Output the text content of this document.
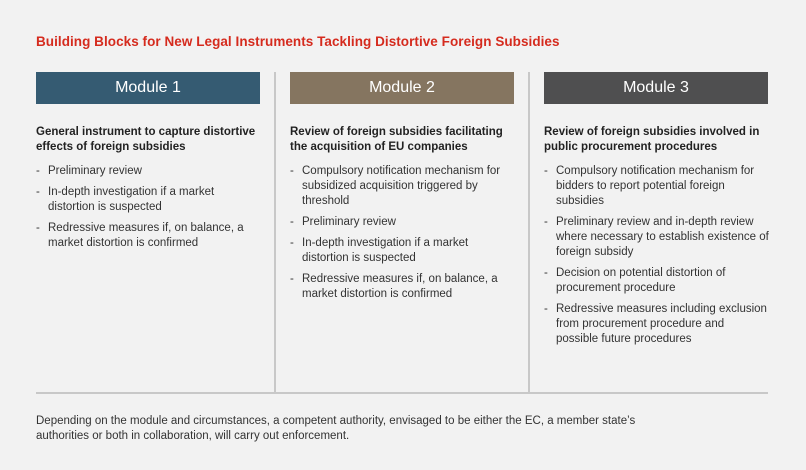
Building Blocks for New Legal Instruments Tackling Distortive Foreign Subsidies
Module 1	Module 2	Module 3
General instrument to capture distortive effects of foreign subsidies
- Preliminary review
- In-depth investigation if a market distortion is suspected
- Redressive measures if, on balance, a market distortion is confirmed
Review of foreign subsidies facilitating the acquisition of EU companies
- Compulsory notification mechanism for subsidized acquisition triggered by threshold
- Preliminary review
- In-depth investigation if a market distortion is suspected
- Redressive measures if, on balance, a market distortion is confirmed
Review of foreign subsidies involved in public procurement procedures
- Compulsory notification mechanism for bidders to report potential foreign subsidies
- Preliminary review and in-depth review where necessary to establish existence of foreign subsidy
- Decision on potential distortion of procurement procedure
- Redressive measures including exclusion from procurement procedure and possible future procedures
Depending on the module and circumstances, a competent authority, envisaged to be either the EC, a member state’s authorities or both in collaboration, will carry out enforcement.
